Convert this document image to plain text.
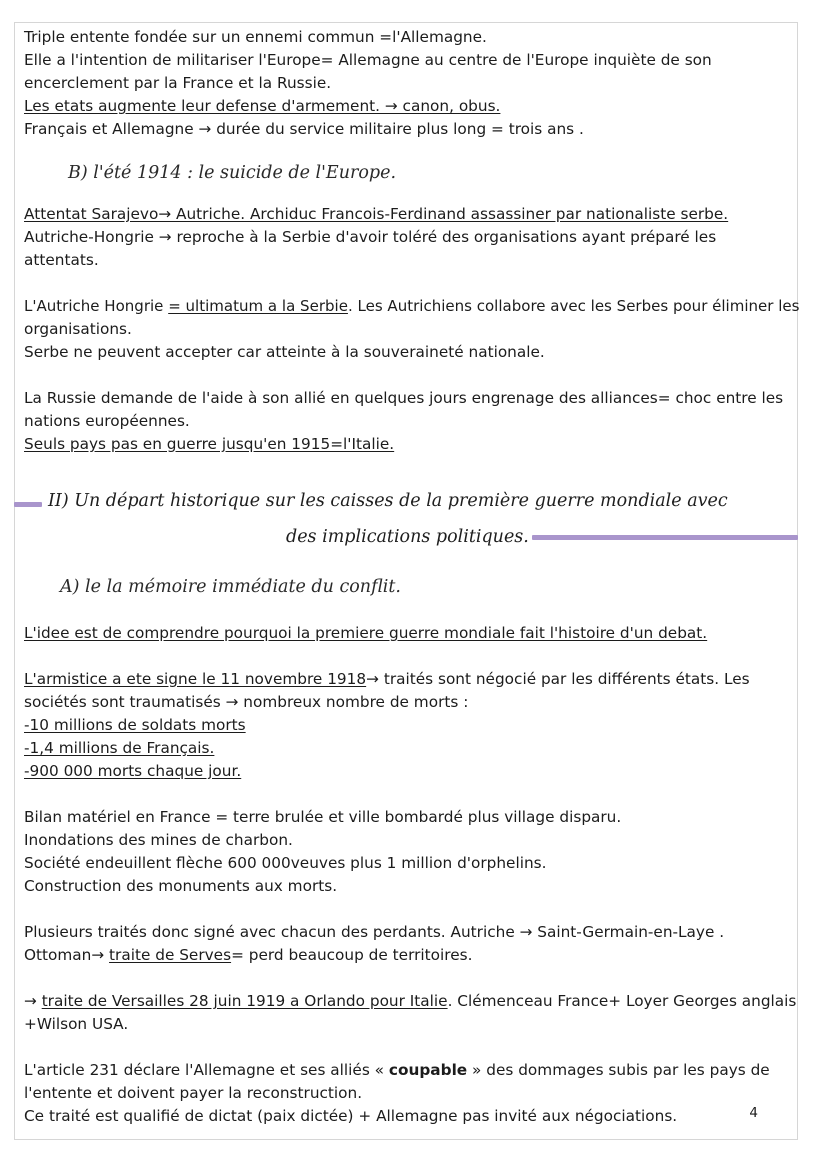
Triple entente fondée sur un ennemi commun =l'Allemagne.

Elle a l'intention de militariser l'Europe= Allemagne au centre de l'Europe inquiète de son

encerclement par la France et la Russie.

Les etats augmente leur defense d'armement. → canon, obus.

Français et Allemagne → durée du service militaire plus long = trois ans .

B) l'été 1914 : le suicide de l'Europe.

Attentat Sarajevo→ Autriche. Archiduc Francois-Ferdinand assassiner par nationaliste serbe.

Autriche-Hongrie → reproche à la Serbie d'avoir toléré des organisations ayant préparé les

attentats.

L'Autriche Hongrie = ultimatum a la Serbie. Les Autrichiens collabore avec les Serbes pour éliminer les

organisations.

Serbe ne peuvent accepter car atteinte à la souveraineté nationale.

La Russie demande de l'aide à son allié en quelques jours engrenage des alliances= choc entre les

nations européennes.

Seuls pays pas en guerre jusqu'en 1915=l'Italie.

II) Un départ historique sur les caisses de la première guerre mondiale avec

des implications politiques.

A) le la mémoire immédiate du conflit.

L'idee est de comprendre pourquoi la premiere guerre mondiale fait l'histoire d'un debat.

L'armistice a ete signe le 11 novembre 1918→ traités sont négocié par les différents états. Les

sociétés sont traumatisés → nombreux nombre de morts :

-10 millions de soldats morts

-1,4 millions de Français.

-900 000 morts chaque jour.

Bilan matériel en France = terre brulée et ville bombardé plus village disparu.

Inondations des mines de charbon.

Société endeuillent flèche 600 000veuves plus 1 million d'orphelins.

Construction des monuments aux morts.

Plusieurs traités donc signé avec chacun des perdants. Autriche → Saint-Germain-en-Laye .

Ottoman→ traite de Serves= perd beaucoup de territoires.

→ traite de Versailles 28 juin 1919 a Orlando pour Italie. Clémenceau France+ Loyer Georges anglais

+Wilson USA.

L'article 231 déclare l'Allemagne et ses alliés « coupable » des dommages subis par les pays de

l'entente et doivent payer la reconstruction.

Ce traité est qualifié de dictat (paix dictée) + Allemagne pas invité aux négociations.	4
